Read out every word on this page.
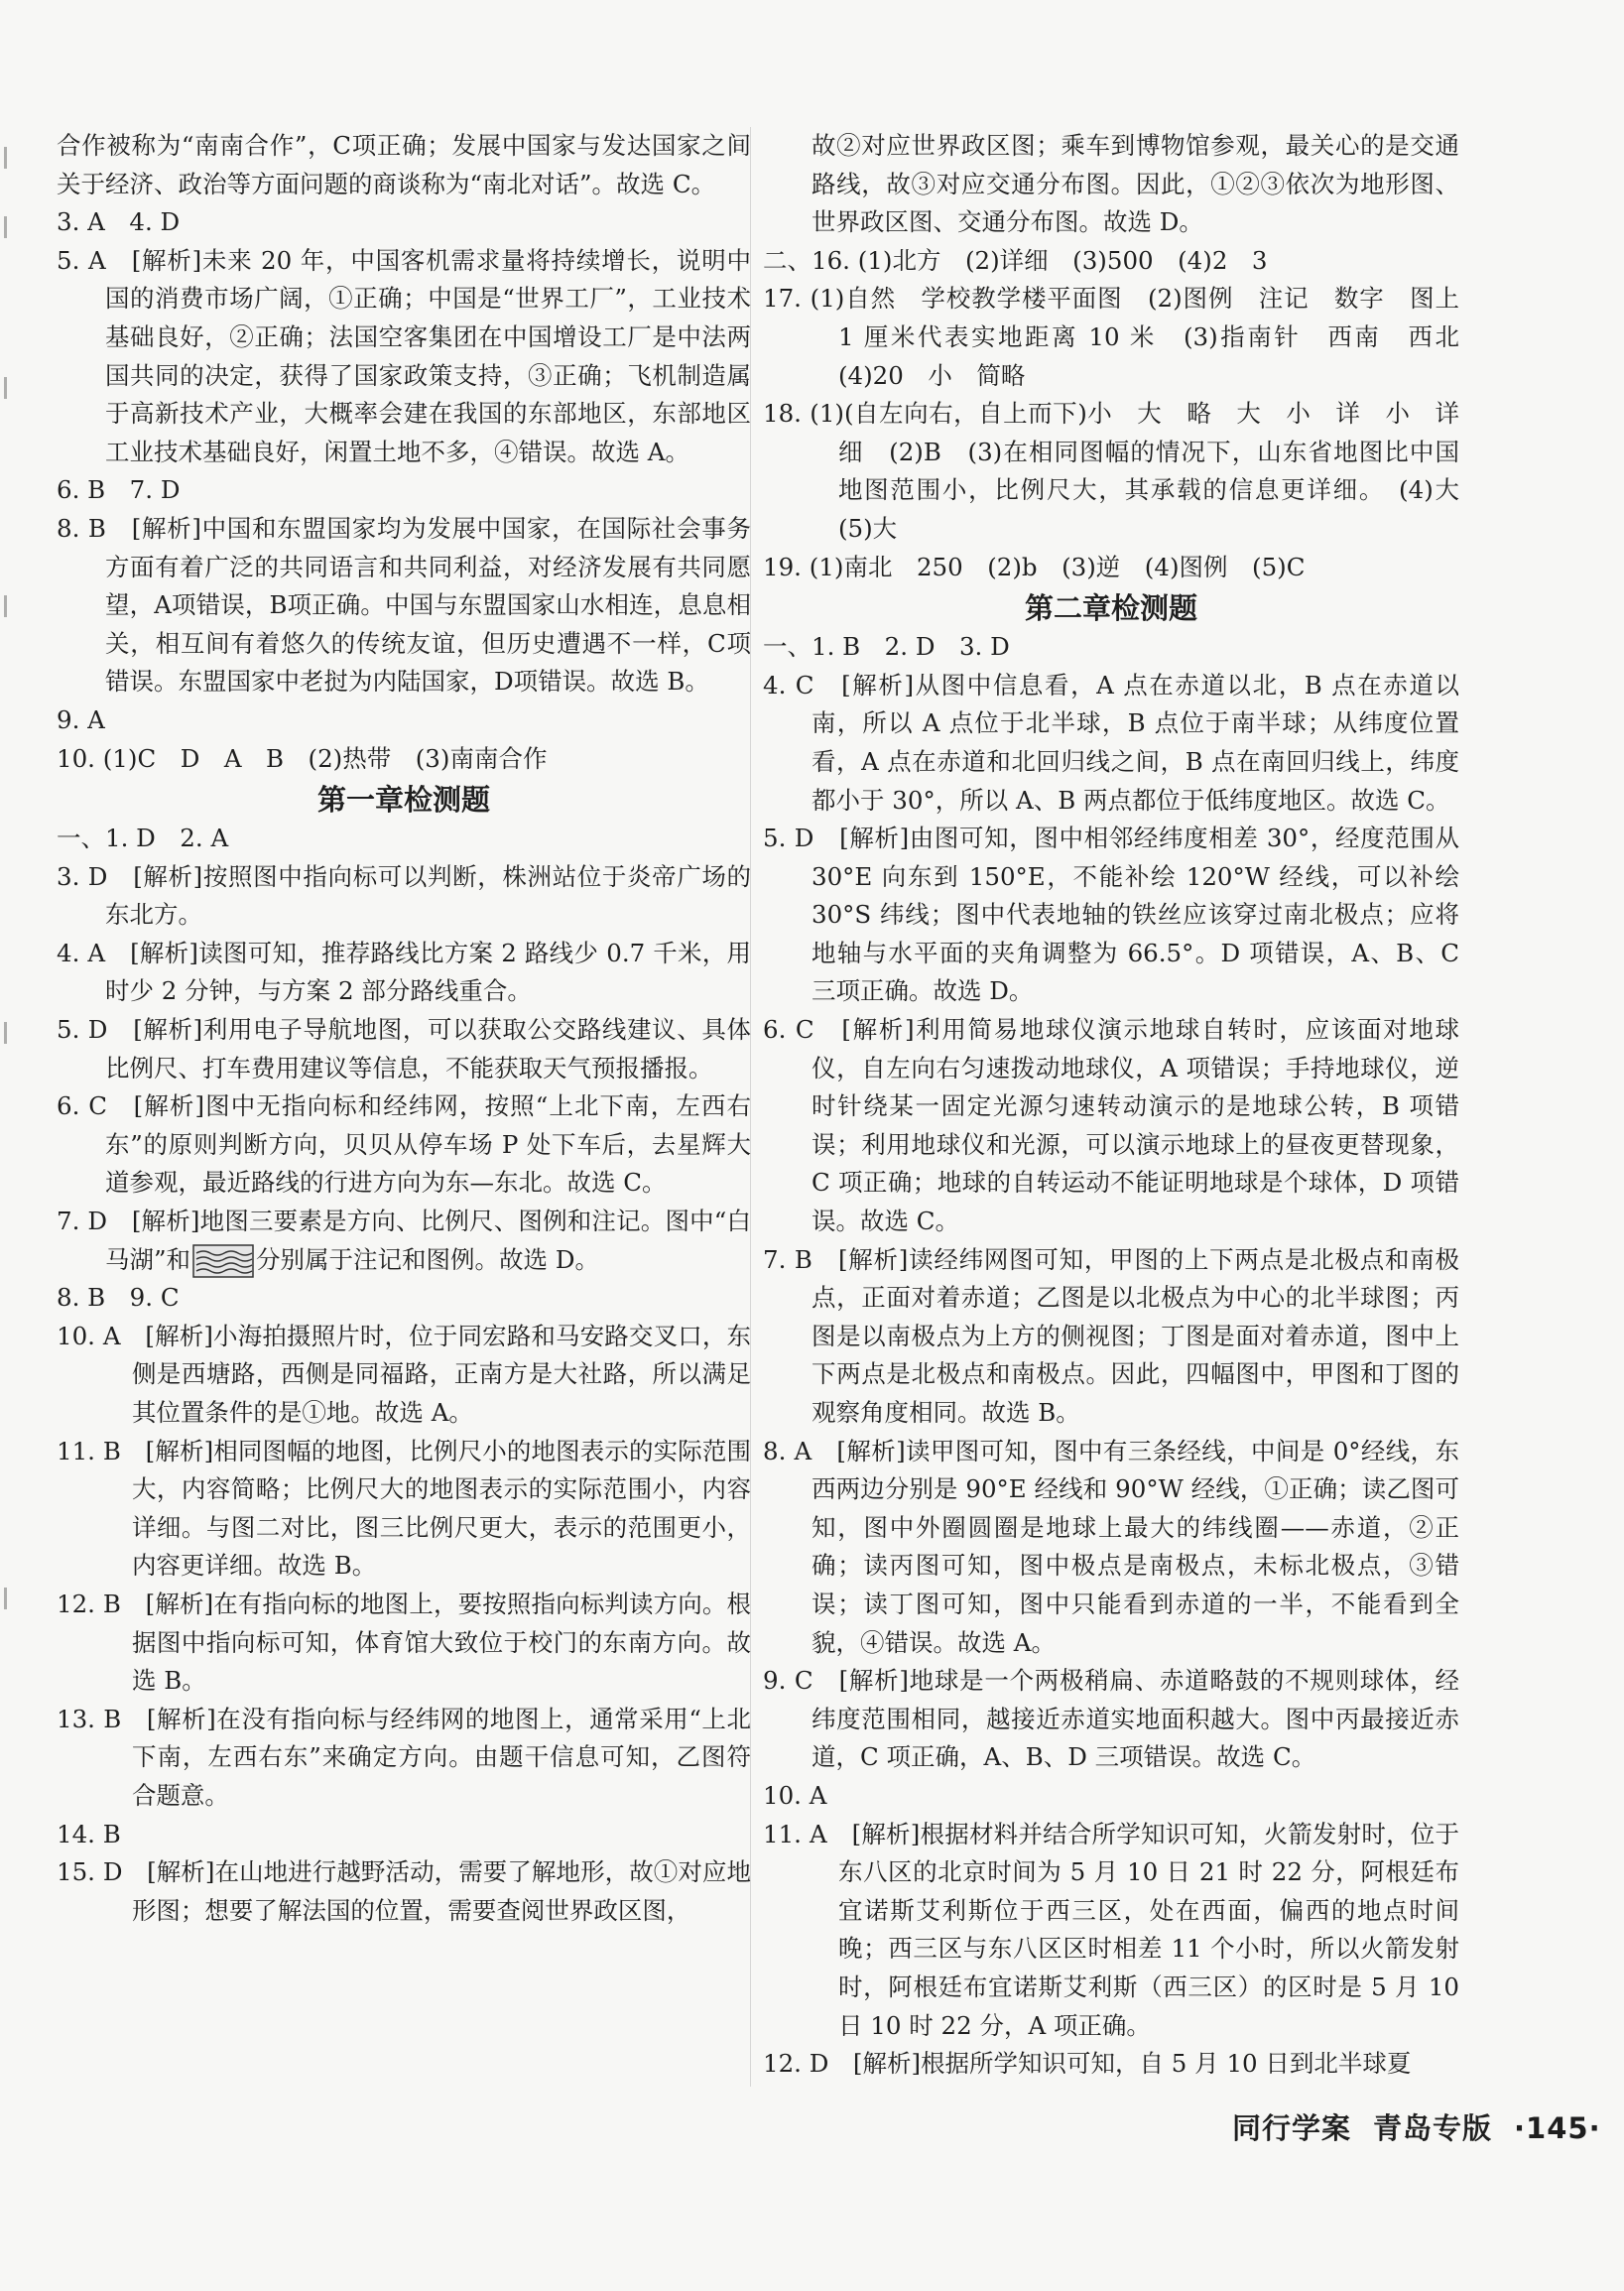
合作被称为“南南合作”，C项正确；发展中国家与发达国家之间关于经济、政治等方面问题的商谈称为“南北对话”。故选 C。

3. A　4. D

5. A　[解析]未来 20 年，中国客机需求量将持续增长，说明中国的消费市场广阔，①正确；中国是“世界工厂”，工业技术基础良好，②正确；法国空客集团在中国增设工厂是中法两国共同的决定，获得了国家政策支持，③正确；飞机制造属于高新技术产业，大概率会建在我国的东部地区，东部地区工业技术基础良好，闲置土地不多，④错误。故选 A。

6. B　7. D

8. B　[解析]中国和东盟国家均为发展中国家，在国际社会事务方面有着广泛的共同语言和共同利益，对经济发展有共同愿望，A项错误，B项正确。中国与东盟国家山水相连，息息相关，相互间有着悠久的传统友谊，但历史遭遇不一样，C项错误。东盟国家中老挝为内陆国家，D项错误。故选 B。

9. A

10. (1)C　D　A　B　(2)热带　(3)南南合作

第一章检测题

一、1. D　2. A

3. D　[解析]按照图中指向标可以判断，株洲站位于炎帝广场的东北方。

4. A　[解析]读图可知，推荐路线比方案 2 路线少 0.7 千米，用时少 2 分钟，与方案 2 部分路线重合。

5. D　[解析]利用电子导航地图，可以获取公交路线建议、具体比例尺、打车费用建议等信息，不能获取天气预报播报。

6. C　[解析]图中无指向标和经纬网，按照“上北下南，左西右东”的原则判断方向，贝贝从停车场 P 处下车后，去星辉大道参观，最近路线的行进方向为东—东北。故选 C。

7. D　[解析]地图三要素是方向、比例尺、图例和注记。图中“白马湖”和	分别属于注记和图例。故选 D。

8. B　9. C

10. A　[解析]小海拍摄照片时，位于同宏路和马安路交叉口，东侧是西塘路，西侧是同福路，正南方是大社路，所以满足其位置条件的是①地。故选 A。

11. B　[解析]相同图幅的地图，比例尺小的地图表示的实际范围大，内容简略；比例尺大的地图表示的实际范围小，内容详细。与图二对比，图三比例尺更大，表示的范围更小，内容更详细。故选 B。

12. B　[解析]在有指向标的地图上，要按照指向标判读方向。根据图中指向标可知，体育馆大致位于校门的东南方向。故选 B。

13. B　[解析]在没有指向标与经纬网的地图上，通常采用“上北下南，左西右东”来确定方向。由题干信息可知，乙图符合题意。

14. B

15. D　[解析]在山地进行越野活动，需要了解地形，故①对应地形图；想要了解法国的位置，需要查阅世界政区图，

故②对应世界政区图；乘车到博物馆参观，最关心的是交通路线，故③对应交通分布图。因此，①②③依次为地形图、世界政区图、交通分布图。故选 D。

二、16. (1)北方　(2)详细　(3)500　(4)2　3

17. (1)自然　学校教学楼平面图　(2)图例　注记　数字　图上 1 厘米代表实地距离 10 米　(3)指南针　西南　西北　(4)20　小　简略

18. (1)(自左向右，自上而下)小　大　略　大　小　详　小　详细　(2)B　(3)在相同图幅的情况下，山东省地图比中国地图范围小，比例尺大，其承载的信息更详细。　(4)大　(5)大

19. (1)南北　250　(2)b　(3)逆　(4)图例　(5)C

第二章检测题

一、1. B　2. D　3. D

4. C　[解析]从图中信息看，A 点在赤道以北，B 点在赤道以南，所以 A 点位于北半球，B 点位于南半球；从纬度位置看，A 点在赤道和北回归线之间，B 点在南回归线上，纬度都小于 30°，所以 A、B 两点都位于低纬度地区。故选 C。

5. D　[解析]由图可知，图中相邻经纬度相差 30°，经度范围从 30°E 向东到 150°E，不能补绘 120°W 经线，可以补绘 30°S 纬线；图中代表地轴的铁丝应该穿过南北极点；应将地轴与水平面的夹角调整为 66.5°。D 项错误，A、B、C 三项正确。故选 D。

6. C　[解析]利用简易地球仪演示地球自转时，应该面对地球仪，自左向右匀速拨动地球仪，A 项错误；手持地球仪，逆时针绕某一固定光源匀速转动演示的是地球公转，B 项错误；利用地球仪和光源，可以演示地球上的昼夜更替现象，C 项正确；地球的自转运动不能证明地球是个球体，D 项错误。故选 C。

7. B　[解析]读经纬网图可知，甲图的上下两点是北极点和南极点，正面对着赤道；乙图是以北极点为中心的北半球图；丙图是以南极点为上方的侧视图；丁图是面对着赤道，图中上下两点是北极点和南极点。因此，四幅图中，甲图和丁图的观察角度相同。故选 B。

8. A　[解析]读甲图可知，图中有三条经线，中间是 0°经线，东西两边分别是 90°E 经线和 90°W 经线，①正确；读乙图可知，图中外圈圆圈是地球上最大的纬线圈——赤道，②正确；读丙图可知，图中极点是南极点，未标北极点，③错误；读丁图可知，图中只能看到赤道的一半，不能看到全貌，④错误。故选 A。

9. C　[解析]地球是一个两极稍扁、赤道略鼓的不规则球体，经纬度范围相同，越接近赤道实地面积越大。图中丙最接近赤道，C 项正确，A、B、D 三项错误。故选 C。

10. A

11. A　[解析]根据材料并结合所学知识可知，火箭发射时，位于东八区的北京时间为 5 月 10 日 21 时 22 分，阿根廷布宜诺斯艾利斯位于西三区，处在西面，偏西的地点时间晚；西三区与东八区区时相差 11 个小时，所以火箭发射时，阿根廷布宜诺斯艾利斯（西三区）的区时是 5 月 10 日 10 时 22 分，A 项正确。

12. D　[解析]根据所学知识可知，自 5 月 10 日到北半球夏

同行学案 青岛专版 ·145·
